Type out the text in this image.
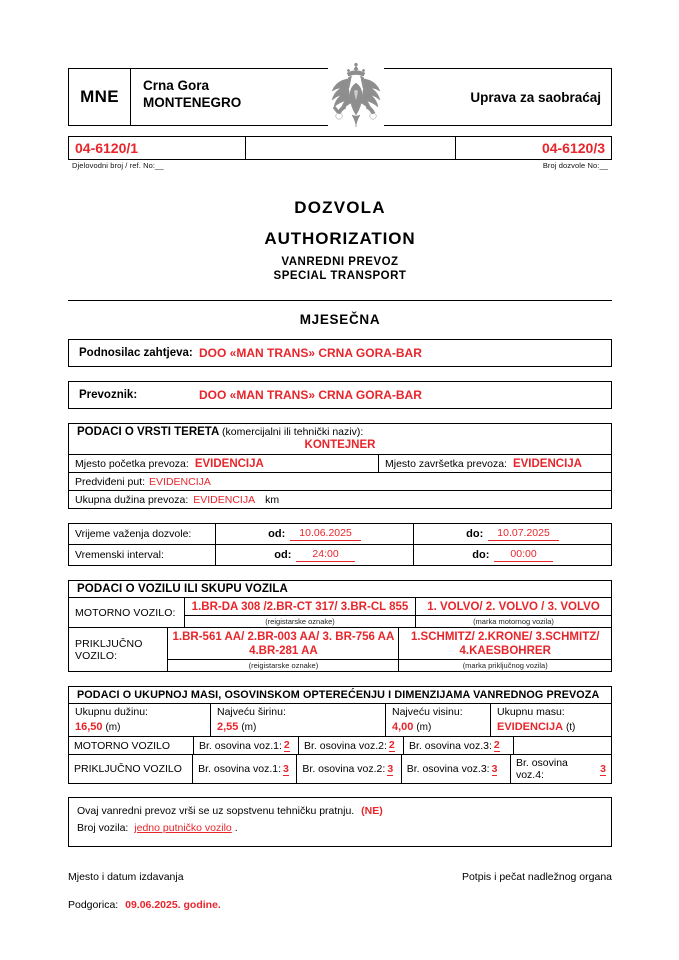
MNE
Crna Gora
MONTENEGRO	Uprava za saobraćaj
04-6120/1	04-6120/3
Djelovodni broj / ref. No:__	Broj dozvole No:__
DOZVOLA
AUTHORIZATION
VANREDNI PREVOZ
SPECIAL TRANSPORT
MJESEČNA
Podnosilac zahtjeva: DOO «MAN TRANS» CRNA GORA-BAR
Prevoznik:	DOO «MAN TRANS» CRNA GORA-BAR
PODACI O VRSTI TERETA (komercijalni ili tehnički naziv):
KONTEJNER
Mjesto početka prevoza: EVIDENCIJA	Mjesto završetka prevoza: EVIDENCIJA
Predviđeni put: EVIDENCIJA
Ukupna dužina prevoza: EVIDENCIJA km
Vrijeme važenja dozvole:	od:	10.06.2025	do:	10.07.2025
Vremenski interval:	od:	24:00	do:	00:00
PODACI O VOZILU ILI SKUPU VOZILA
MOTORNO VOZILO:	1.BR-DA 308 /2.BR-CT 317/ 3.BR-CL 855
(reigistarske oznake)
1. VOLVO/ 2. VOLVO / 3. VOLVO
(marka motornog vozila)
PRIKLJUČNO VOZILO:
1.BR-561 AA/ 2.BR-003 AA/ 3. BR-756 AA 4.BR-281 AA
(reigistarske oznake)
1.SCHMITZ/ 2.KRONE/ 3.SCHMITZ/ 4.KAESBOHRER
(marka priključnog vozila)
PODACI O UKUPNOJ MASI, OSOVINSKOM OPTEREĆENJU I DIMENZIJAMA VANREDNOG PREVOZA
Ukupnu dužinu:
16,50 (m)
Najveću širinu:
2,55 (m)
Najveću visinu:
4,00 (m)
Ukupnu masu:
EVIDENCIJA (t)
MOTORNO VOZILO	Br. osovina voz.1: 2 Br. osovina voz.2: 2 Br. osovina voz.3: 2
PRIKLJUČNO VOZILO	Br. osovina voz.1: 3 Br. osovina voz.2: 3 Br. osovina voz.3: 3 Br. osovina voz.4:
3
Ovaj vanredni prevoz vrši se uz sopstvenu tehničku pratnju. (NE)
Broj vozila: jedno putničko vozilo .
Mjesto i datum izdavanja	Potpis i pečat nadležnog organa
Podgorica: 09.06.2025. godine.
